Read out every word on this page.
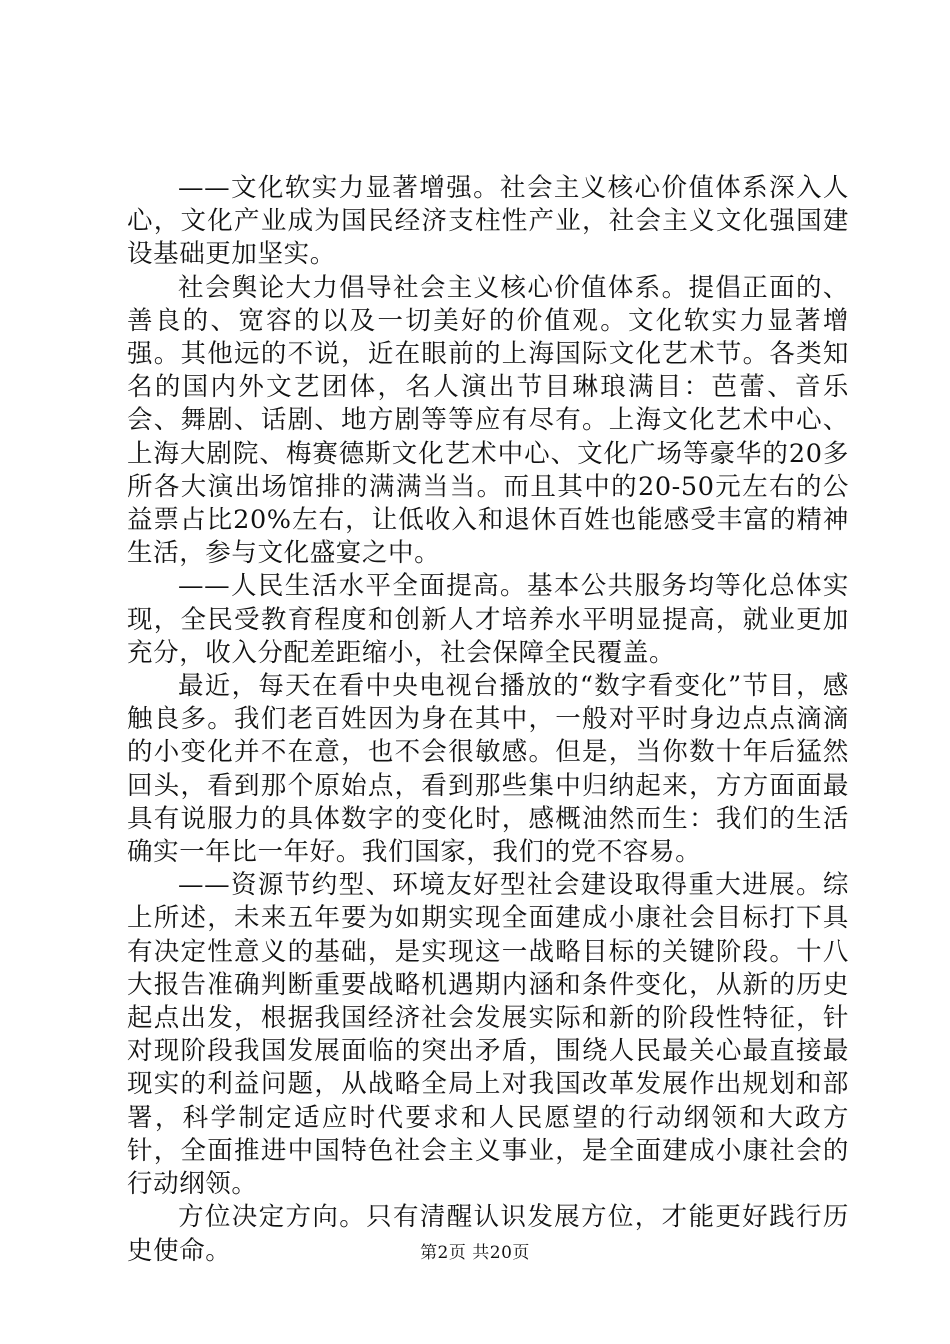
——文化软实力显著增强。社会主义核心价值体系深入人心，文化产业成为国民经济支柱性产业，社会主义文化强国建设基础更加坚实。

社会舆论大力倡导社会主义核心价值体系。提倡正面的、善良的、宽容的以及一切美好的价值观。文化软实力显著增强。其他远的不说，近在眼前的上海国际文化艺术节。各类知名的国内外文艺团体，名人演出节目琳琅满目：芭蕾、音乐会、舞剧、话剧、地方剧等等应有尽有。上海文化艺术中心、上海大剧院、梅赛德斯文化艺术中心、文化广场等豪华的20多所各大演出场馆排的满满当当。而且其中的20-50元左右的公益票占比20%左右，让低收入和退休百姓也能感受丰富的精神生活，参与文化盛宴之中。

——人民生活水平全面提高。基本公共服务均等化总体实现，全民受教育程度和创新人才培养水平明显提高，就业更加充分，收入分配差距缩小，社会保障全民覆盖。

最近，每天在看中央电视台播放的“数字看变化”节目，感触良多。我们老百姓因为身在其中，一般对平时身边点点滴滴的小变化并不在意，也不会很敏感。但是，当你数十年后猛然回头，看到那个原始点，看到那些集中归纳起来，方方面面最具有说服力的具体数字的变化时，感概油然而生：我们的生活确实一年比一年好。我们国家，我们的党不容易。

——资源节约型、环境友好型社会建设取得重大进展。综上所述，未来五年要为如期实现全面建成小康社会目标打下具有决定性意义的基础，是实现这一战略目标的关键阶段。十八大报告准确判断重要战略机遇期内涵和条件变化，从新的历史起点出发，根据我国经济社会发展实际和新的阶段性特征，针对现阶段我国发展面临的突出矛盾，围绕人民最关心最直接最现实的利益问题，从战略全局上对我国改革发展作出规划和部署，科学制定适应时代要求和人民愿望的行动纲领和大政方针，全面推进中国特色社会主义事业，是全面建成小康社会的行动纲领。

方位决定方向。只有清醒认识发展方位，才能更好践行历史使命。	第2页 共20页
